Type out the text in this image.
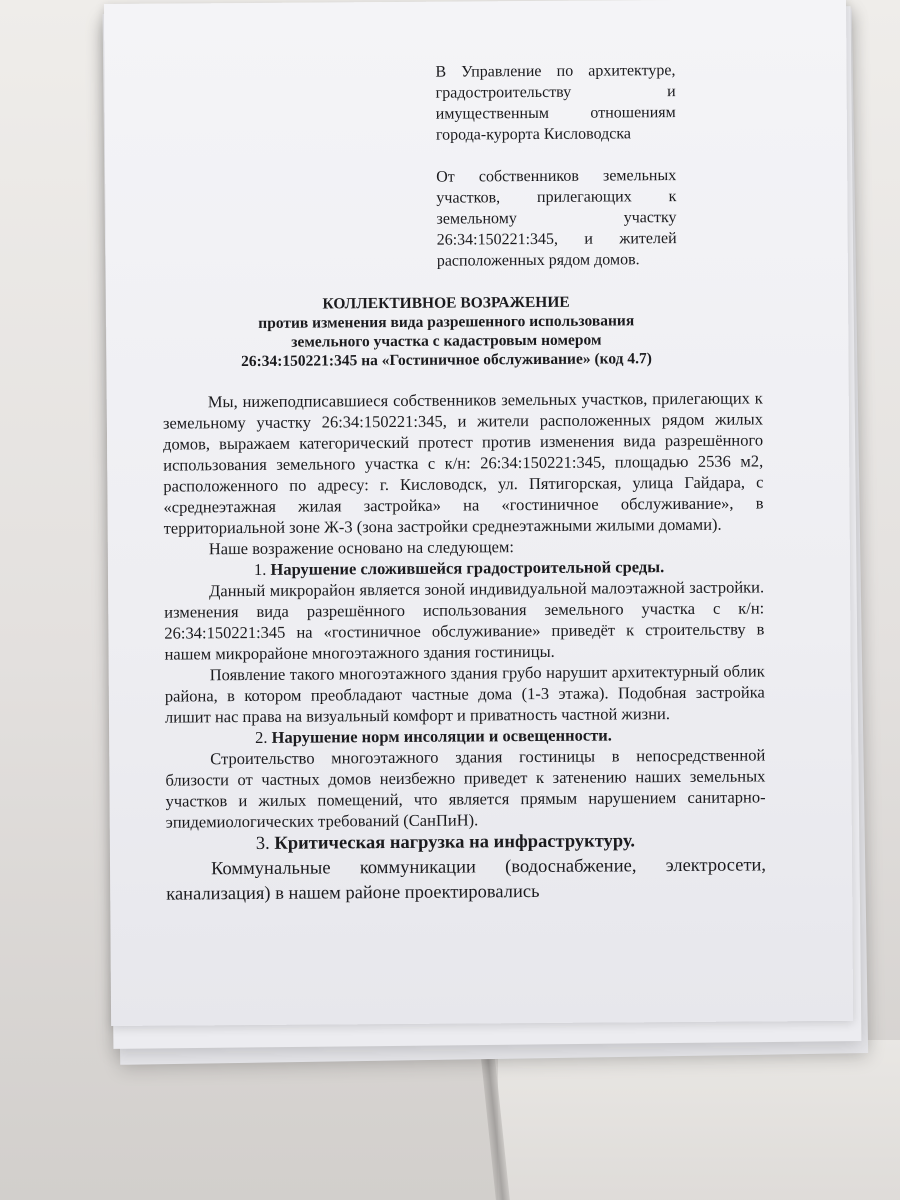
В Управление по архитектуре, градостроительству и имущественным отношениям города-курорта Кисловодска

От собственников земельных участков, прилегающих к земельному участку 26:34:150221:345, и жителей расположенных рядом домов.

КОЛЛЕКТИВНОЕ ВОЗРАЖЕНИЕ

против изменения вида разрешенного использования

земельного участка с кадастровым номером

26:34:150221:345 на «Гостиничное обслуживание» (код 4.7)

Мы, нижеподписавшиеся собственников земельных участков, прилегающих к земельному участку 26:34:150221:345, и жители расположенных рядом жилых домов, выражаем категорический протест против изменения вида разрешённого использования земельного участка с к/н: 26:34:150221:345, площадью 2536 м2, расположенного по адресу: г. Кисловодск, ул. Пятигорская, улица Гайдара, с «среднеэтажная жилая застройка» на «гостиничное обслуживание», в территориальной зоне Ж-3 (зона застройки среднеэтажными жилыми домами).

Наше возражение основано на следующем:

1. Нарушение сложившейся градостроительной среды.

Данный микрорайон является зоной индивидуальной малоэтажной застройки. изменения вида разрешённого использования земельного участка с к/н: 26:34:150221:345 на «гостиничное обслуживание» приведёт к строительству в нашем микрорайоне многоэтажного здания гостиницы.

Появление такого многоэтажного здания грубо нарушит архитектурный облик района, в котором преобладают частные дома (1-3 этажа). Подобная застройка лишит нас права на визуальный комфорт и приватность частной жизни.

2. Нарушение норм инсоляции и освещенности.

Строительство многоэтажного здания гостиницы в непосредственной близости от частных домов неизбежно приведет к затенению наших земельных участков и жилых помещений, что является прямым нарушением санитарно-эпидемиологических требований (СанПиН).

3. Критическая нагрузка на инфраструктуру.

Коммунальные коммуникации (водоснабжение, электросети, канализация) в нашем районе проектировались
